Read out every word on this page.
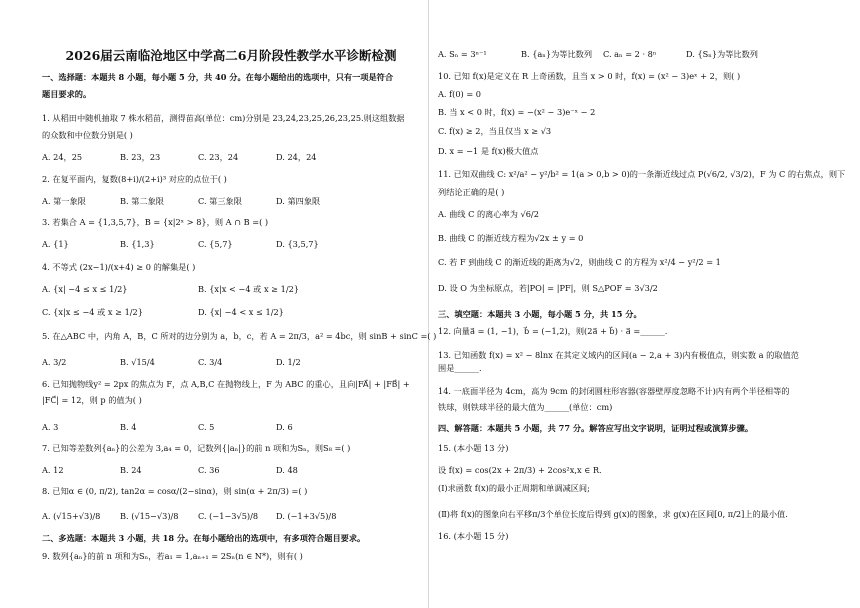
2026届云南临沧地区中学高二6月阶段性教学水平诊断检测
一、选择题：本题共 8 小题，每小题 5 分，共 40 分。在每小题给出的选项中，只有一项是符合
题目要求的。
1. 从稻田中随机抽取 7 株水稻苗，测得苗高(单位：cm)分别是 23,24,23,25,26,23,25.则这组数据
的众数和中位数分别是( )
A. 24，25	B. 23，23	C. 23，24	D. 24，24
2. 在复平面内，复数(8+i)/(2+i)³ 对应的点位于( )
A. 第一象限	B. 第二象限	C. 第三象限	D. 第四象限
3. 若集合 A = {1,3,5,7}，B = {x|2ˣ > 8}，则 A ∩ B =( )
A. {1}	B. {1,3}	C. {5,7}	D. {3,5,7}
4. 不等式 (2x−1)/(x+4) ≥ 0 的解集是( )
A. {x| −4 ≤ x ≤ 1/2}	B. {x|x < −4 或 x ≥ 1/2}
C. {x|x ≤ −4 或 x ≥ 1/2}	D. {x| −4 < x ≤ 1/2}
5. 在△ABC 中，内角 A，B，C 所对的边分别为 a，b，c，若 A = 2π/3，a² = 4bc，则 sinB + sinC =( )
A. 3/2	B. √15/4	C. 3/4	D. 1/2
6. 已知抛物线y² = 2px 的焦点为 F，点 A,B,C 在抛物线上，F 为 ABC 的重心，且向|FA⃗| + |FB⃗| +
|FC⃗| = 12，则 p 的值为( )
A. 3	B. 4	C. 5	D. 6
7. 已知等差数列{aₙ}的公差为 3,a₄ = 0，记数列{|aₙ|}的前 n 项和为Sₙ，则S₈ =( )
A. 12	B. 24	C. 36	D. 48
8. 已知α ∈ (0, π/2), tan2α = cosα/(2−sinα)，则 sin(α + 2π/3) =( )
A. (√15+√3)/8 B. (√15−√3)/8 C. (−1−3√5)/8 D. (−1+3√5)/8
二、多选题：本题共 3 小题，共 18 分。在每小题给出的选项中，有多项符合题目要求。
9. 数列{aₙ}的前 n 项和为Sₙ，若a₁ = 1,aₙ₊₁ = 2Sₙ(n ∈ N*)，则有( )
A. Sₙ = 3ⁿ⁻¹	B. {aₙ}为等比数列 C. aₙ = 2 · 8ⁿ	D. {Sₙ}为等比数列
10. 已知 f(x)是定义在 R 上奇函数，且当 x > 0 时，f(x) = (x² − 3)eˣ + 2，则( )
A. f(0) = 0
B. 当 x < 0 时，f(x) = −(x² − 3)e⁻ˣ − 2
C. f(x) ≥ 2，当且仅当 x ≥ √3
D. x = −1 是 f(x)极大值点
11. 已知双曲线 C: x²/a² − y²/b² = 1(a > 0,b > 0)的一条渐近线过点 P(√6/2, √3/2)，F 为 C 的右焦点，则下
列结论正确的是( )
A. 曲线 C 的离心率为 √6/2
B. 曲线 C 的渐近线方程为√2x ± y = 0
C. 若 F 到曲线 C 的渐近线的距离为√2，则曲线 C 的方程为 x²/4 − y²/2 = 1
D. 设 O 为坐标原点，若|PO| = |PF|，则 S△POF = 3√3/2
三、填空题：本题共 3 小题，每小题 5 分，共 15 分。
12. 向量a⃗ = (1, −1)，b⃗ = (−1,2)，则(2a⃗ + b⃗) · a⃗ =______.
13. 已知函数 f(x) = x² − 8lnx 在其定义域内的区间(a − 2,a + 3)内有极值点，则实数 a 的取值范
围是______.
14. 一底面半径为 4cm，高为 9cm 的封闭圆柱形容器(容器壁厚度忽略不计)内有两个半径相等的
铁球，则铁球半径的最大值为______(单位：cm)
四、解答题：本题共 5 小题，共 77 分。解答应写出文字说明，证明过程或演算步骤。
15. (本小题 13 分)
设 f(x) = cos(2x + 2π/3) + 2cos²x,x ∈ R.
(Ⅰ)求函数 f(x)的最小正周期和单调减区间;
(Ⅱ)将 f(x)的图象向右平移π/3个单位长度后得到 g(x)的图象，求 g(x)在区间[0, π/2]上的最小值.
16. (本小题 15 分)
